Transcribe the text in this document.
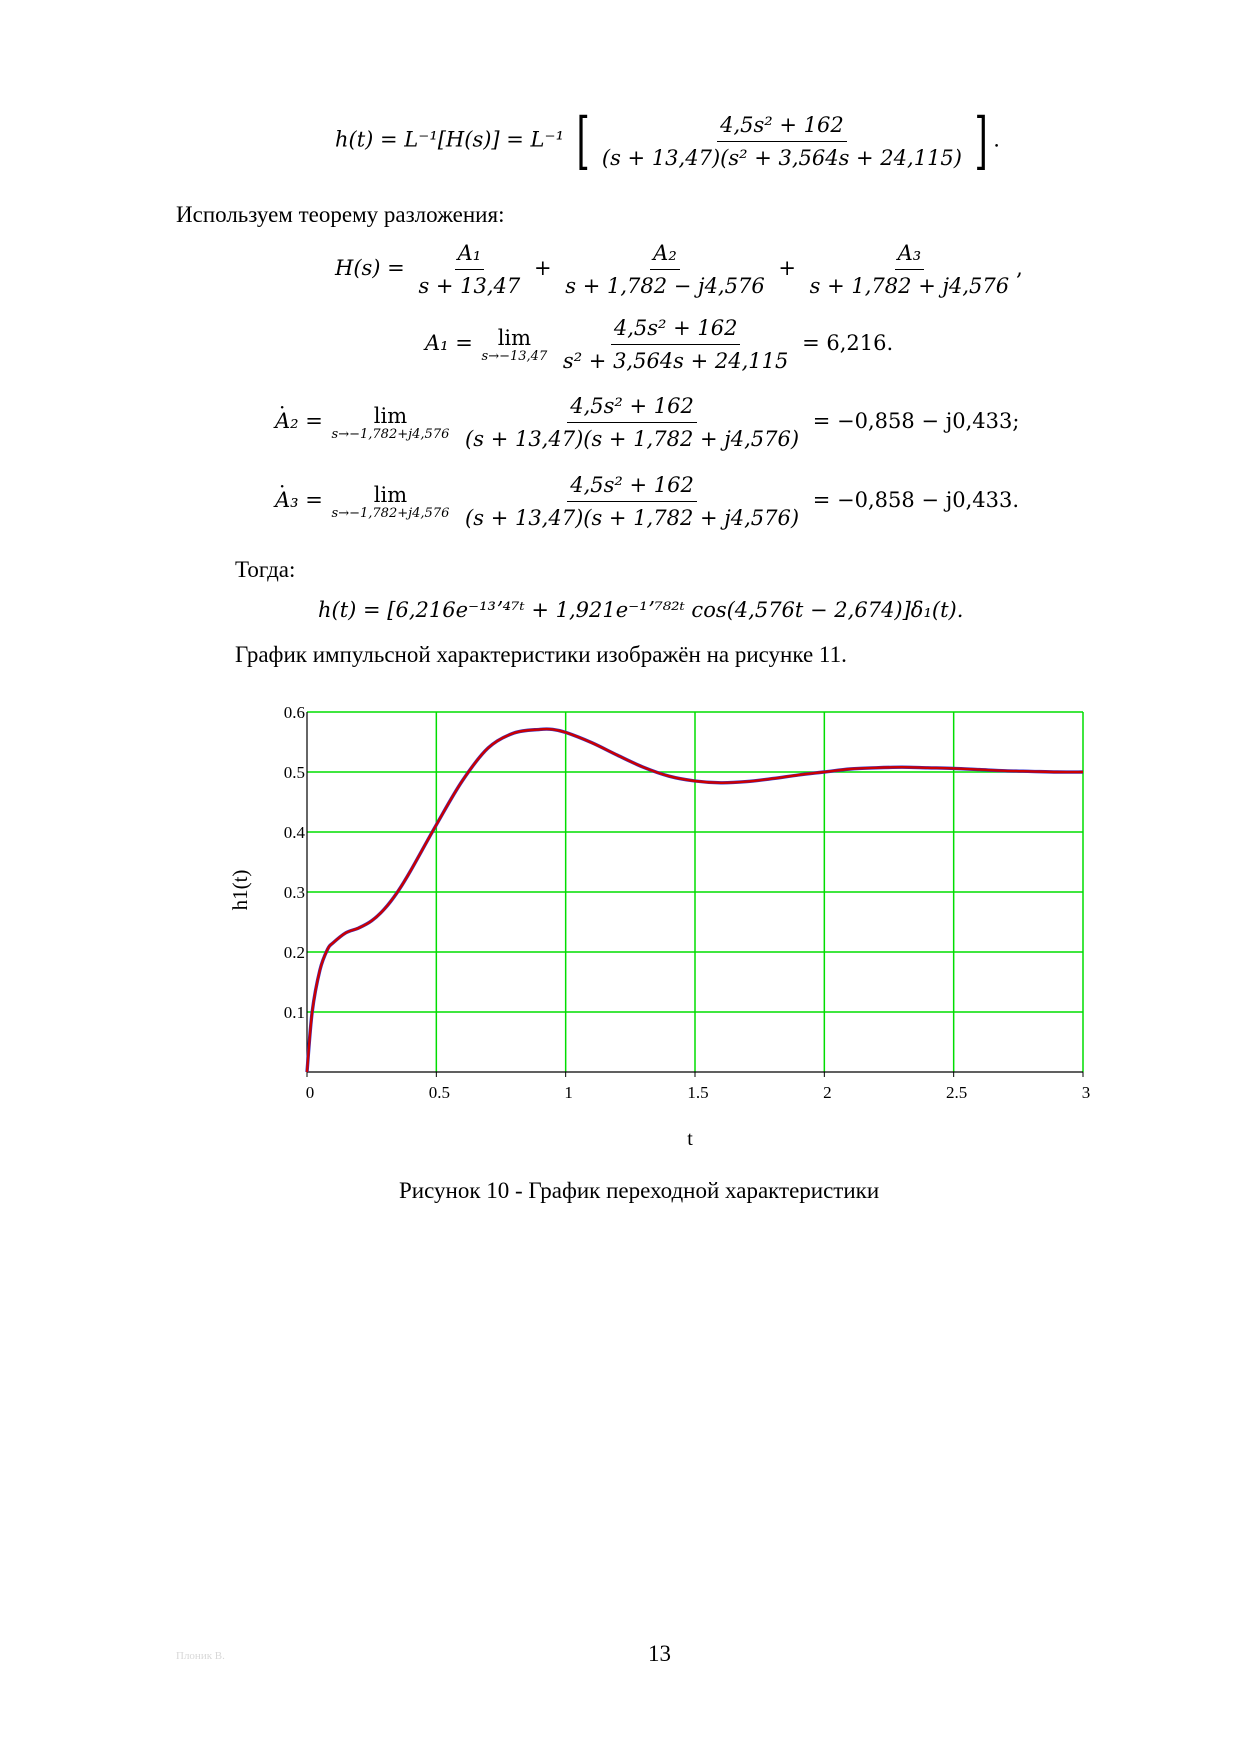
h(t) = L⁻¹[H(s)] = L⁻¹ [ $\frac{\text{4,5s² + 162}}{\text{(s + 13,47)(s² + 3,564s + 24,115)}}$ ] .
Используем теорему разложения:
$H(s) = \frac{\text{A₁}}{s + 13,47} + \frac{\text{A₂}}{s + 1,782 - j4,576} + \frac{\text{A₃}}{s + 1,782 + j4,576}$ ,
A₁ = lim
s→−13,47
$\frac{\text{4,5s² + 162}}{\text{s² + 3,564s + 24,115}} = 6,216$.
· A₂ = lim
s→−1,782+j4,576
$\frac{\text{4,5s² + 162}}{(s + 13,47)(s + 1,782 + j4,576)} = -0,858 - j0,433$;
· A₃ = lim
s→−1,782+j4,576
$\frac{\text{4,5s² + 162}}{(s + 13,47)(s + 1,782 + j4,576)} = -0,858 - j0,433$.
Тогда:
h(t) = [6,216e⁻¹³ʼ⁴⁷ᵗ + 1,921e⁻¹ʼ⁷⁸²ᵗ cos(4,576t − 2,674)]δ₁(t).
График импульсной характеристики изображён на рисунке 11.
0	0.5	1	1.5	2	2.5	3
0.1
0.2
0.3
0.4
0.5
0.6
t
h1(t)
Рисунок 10 - График переходной характеристики
Плоник В.	13
